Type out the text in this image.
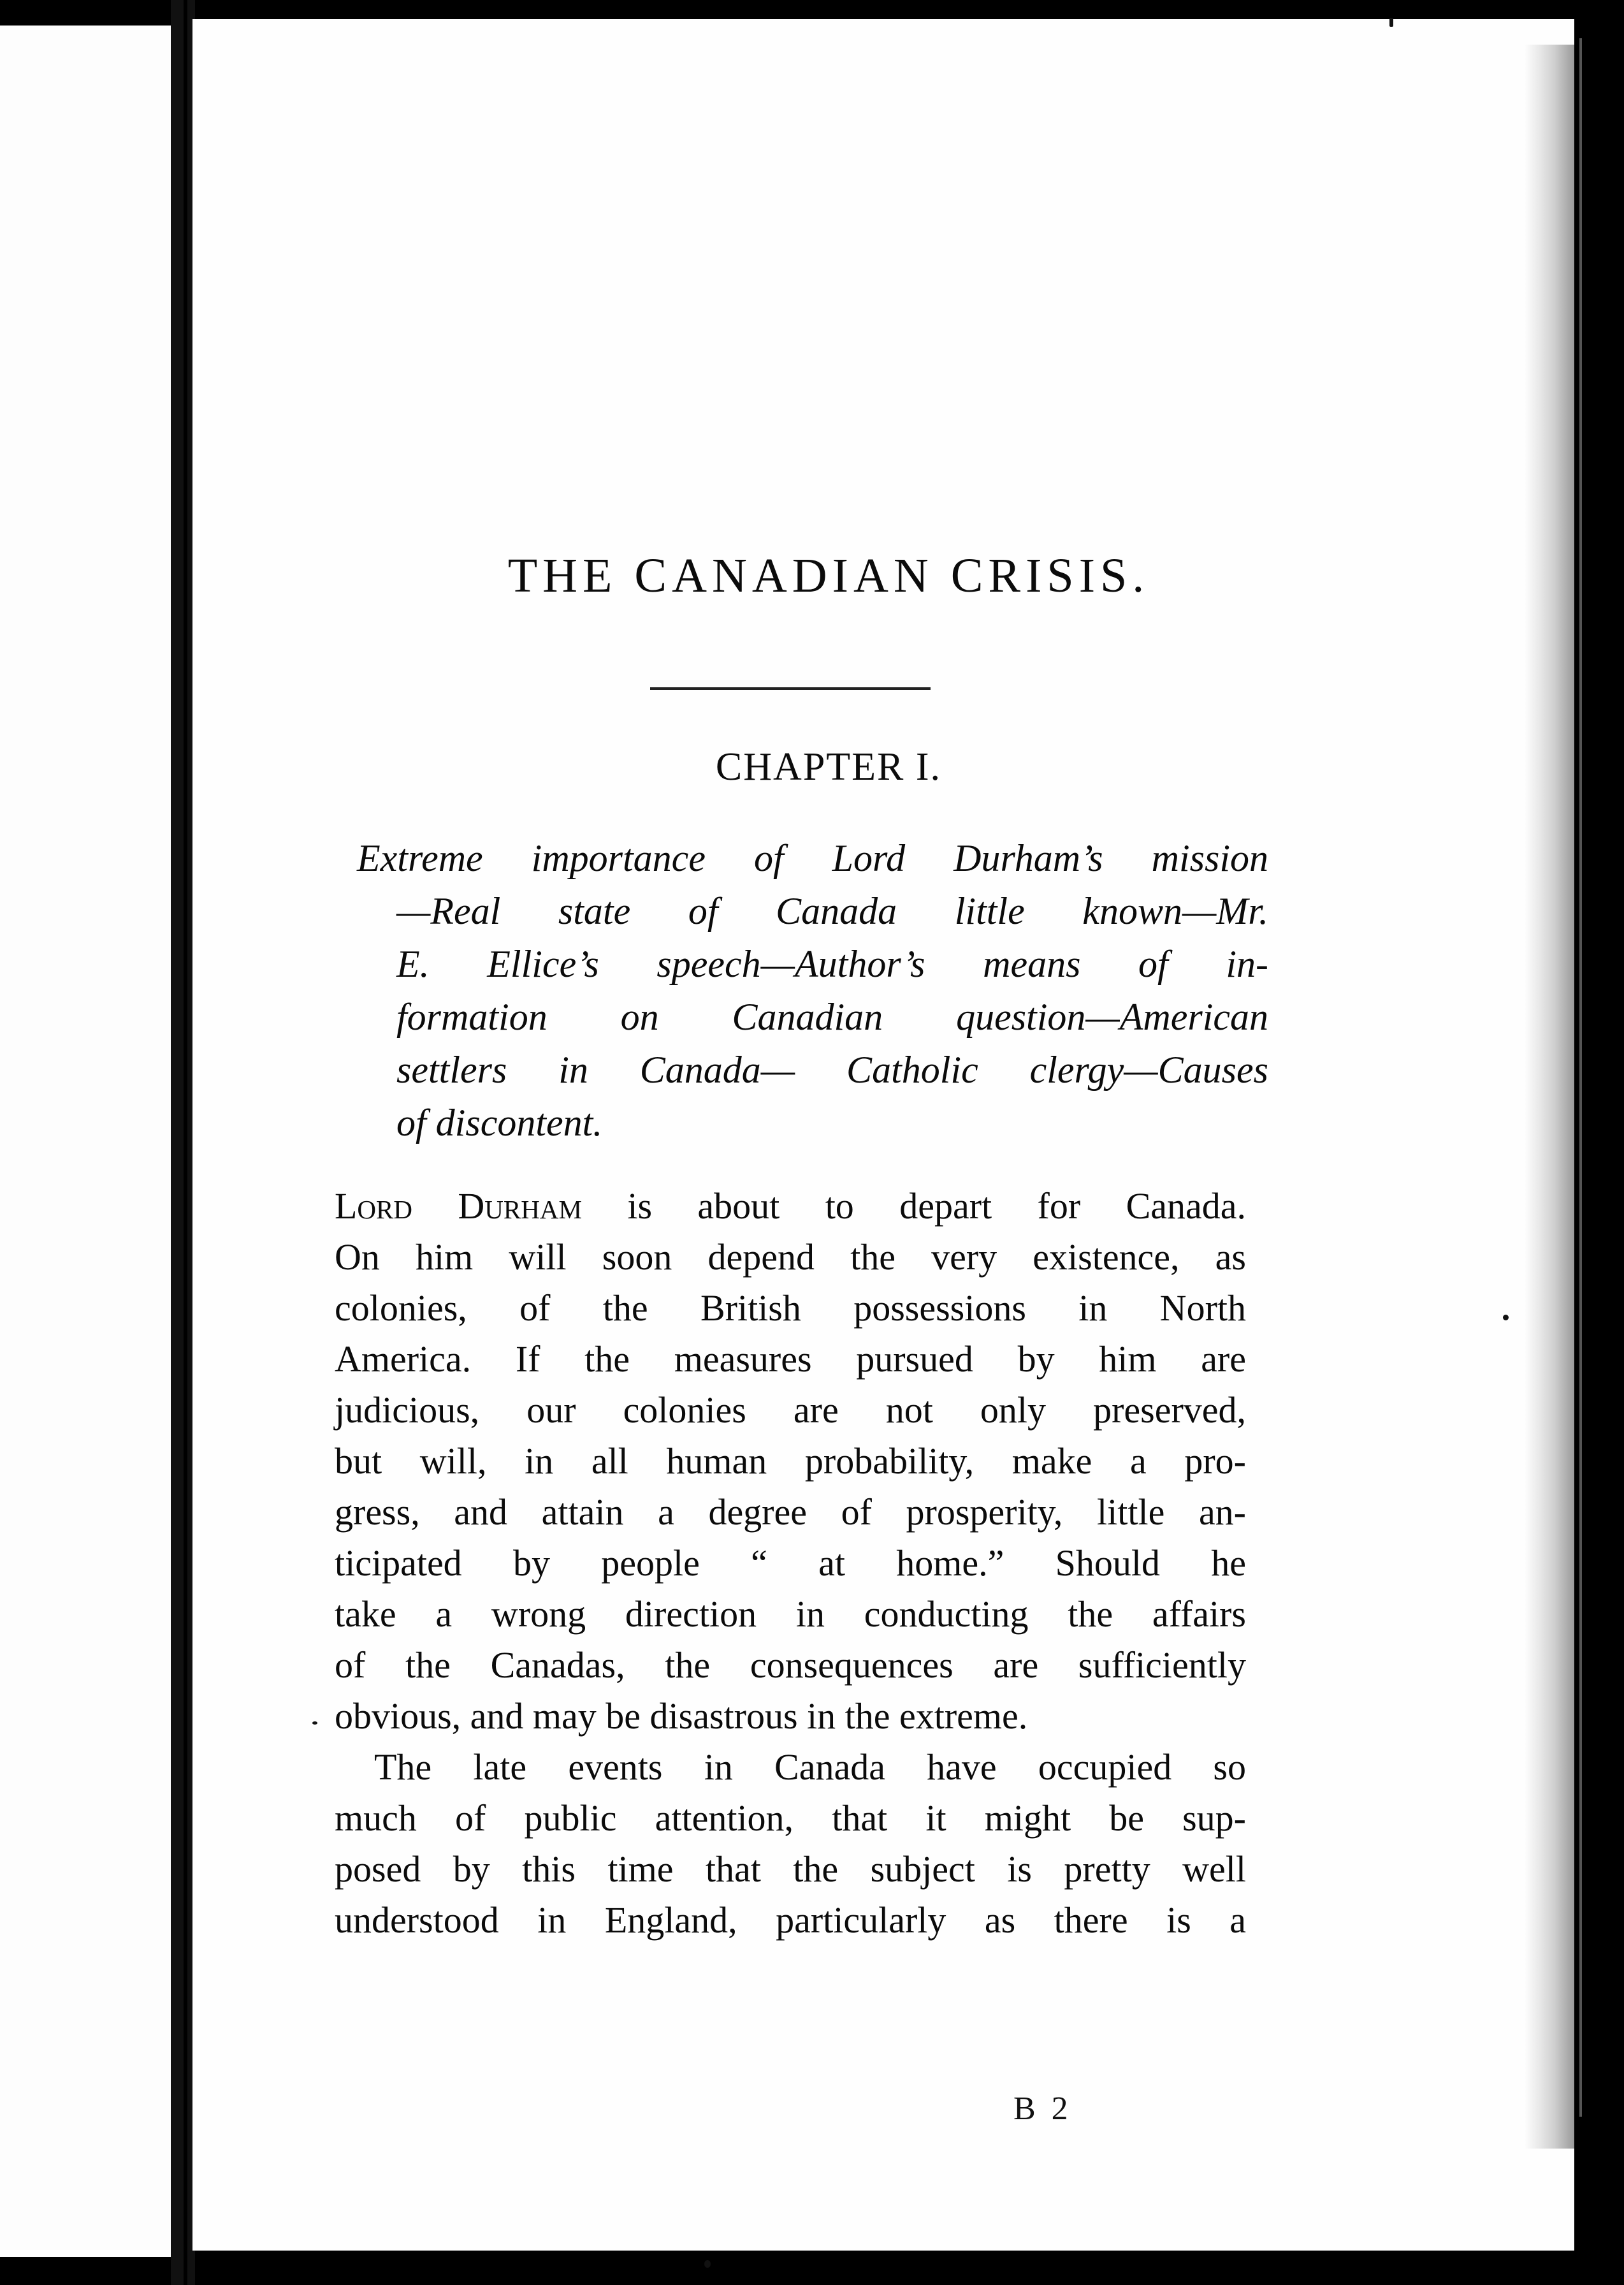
THE CANADIAN CRISIS.
CHAPTER I.
Extreme importance of Lord Durham’s mission
—Real state of Canada little known—Mr.
E. Ellice’s speech—Author’s means of in-
formation on Canadian question—American
settlers in Canada— Catholic clergy—Causes
of discontent.
Lord Durham is about to depart for Canada.
On him will soon depend the very existence, as
colonies, of the British possessions in North
America. If the measures pursued by him are
judicious, our colonies are not only preserved,
but will, in all human probability, make a pro-
gress, and attain a degree of prosperity, little an-
ticipated by people “ at home.” Should he
take a wrong direction in conducting the affairs
of the Canadas, the consequences are sufficiently
obvious, and may be disastrous in the extreme.
The late events in Canada have occupied so
much of public attention, that it might be sup-
posed by this time that the subject is pretty well
understood in England, particularly as there is a
B 2
